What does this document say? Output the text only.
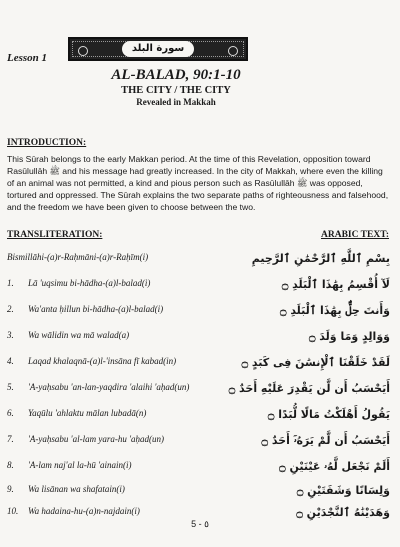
Lesson 1
سورة البلد
AL-BALAD, 90:1-10
THE CITY / THE CITY
Revealed in Makkah
INTRODUCTION:
This Sūrah belongs to the early Makkan period. At the time of this Revelation, opposition toward
Rasūlullāh ﷺ and his message had greatly increased. In the city of Makkah, where even the killing
of an animal was not permitted, a kind and pious person such as Rasūlullāh ﷺ was opposed,
tortured and oppressed. The Sūrah explains the two separate paths of righteousness and falsehood,
and the freedom we have been given to choose between the two.
TRANSLITERATION:	ARABIC TEXT:
Bismillāhi-(a)r-Raḥmāni-(a)r-Raḥīm(i)	بِسْمِ ٱللَّهِ ٱلرَّحْمَٰنِ ٱلرَّحِيمِ
1. Lā 'uqsimu bi-hādha-(a)l-balad(i)	لَآ أُقْسِمُ بِهَٰذَا ٱلْبَلَدِ ۝
2. Wa'anta ḥillun bi-hādha-(a)l-balad(i)	وَأَنتَ حِلٌّۢ بِهَٰذَا ٱلْبَلَدِ ۝
3. Wa wālidin wa mā walad(a)	وَوَالِدٍ وَمَا وَلَدَ ۝
4. Laqad khalaqnā-(a)l-'insāna fī kabad(in)	لَقَدْ خَلَقْنَا ٱلْإِنسَٰنَ فِى كَبَدٍ ۝
5. 'A-yaḥsabu 'an-lan-yaqdira 'alaihi 'aḥad(un)	أَيَحْسَبُ أَن لَّن يَقْدِرَ عَلَيْهِ أَحَدٌ ۝
6. Yaqūlu 'ahlaktu mālan lubadā(n)	يَقُولُ أَهْلَكْتُ مَالًا لُّبَدًا ۝
7. 'A-yaḥsabu 'al-lam yara-hu 'aḥad(un)	أَيَحْسَبُ أَن لَّمْ يَرَهُۥٓ أَحَدٌ ۝
8. 'A-lam naj'al la-hū 'ainain(i)	أَلَمْ نَجْعَل لَّهُۥ عَيْنَيْنِ ۝
9. Wa lisānan wa shafatain(i)	وَلِسَانًا وَشَفَتَيْنِ ۝
10. Wa hadaina-hu-(a)n-najdain(i)	وَهَدَيْنَٰهُ ٱلنَّجْدَيْنِ ۝
5 - ٥
